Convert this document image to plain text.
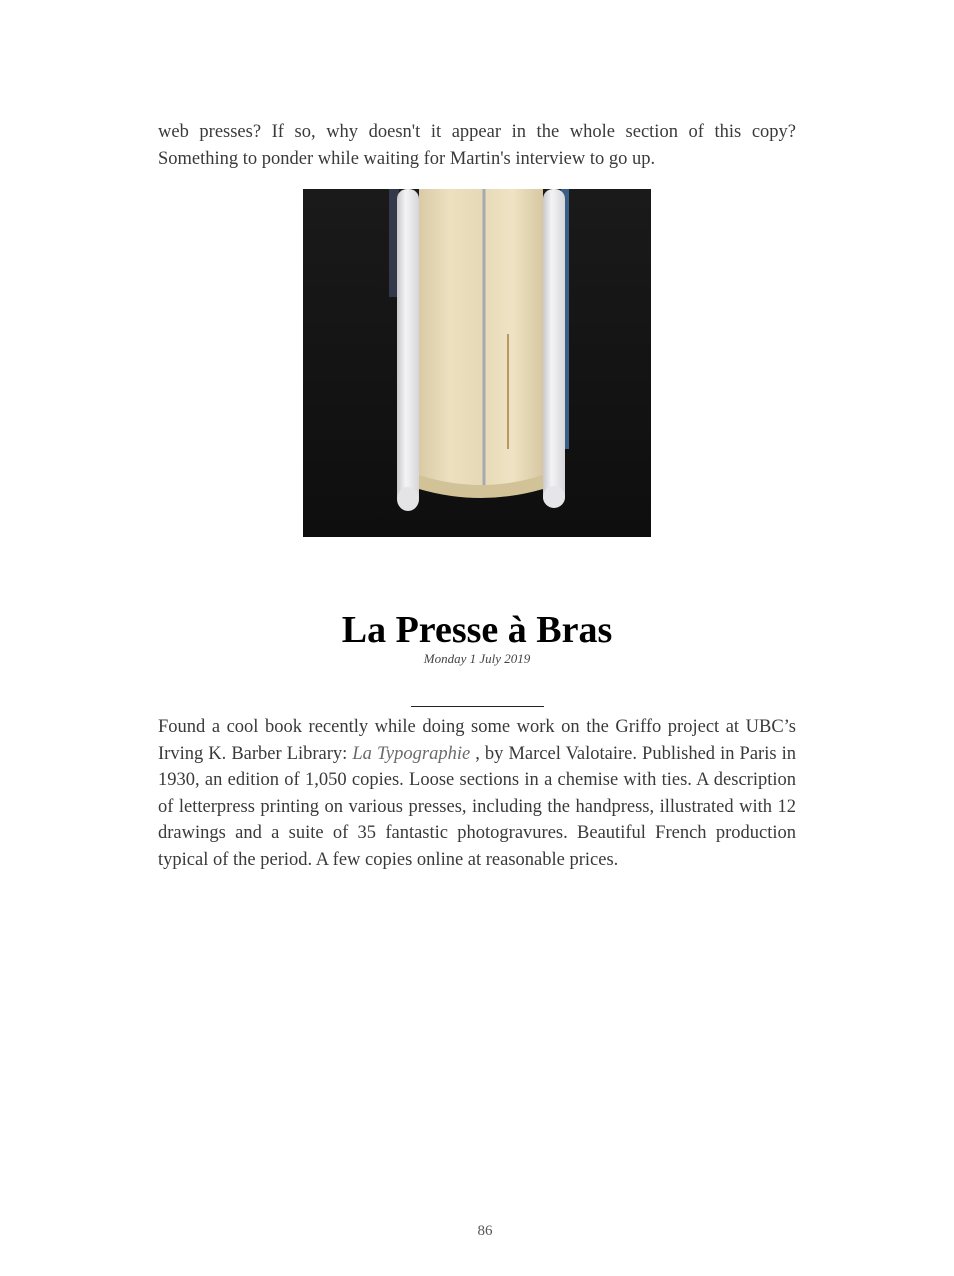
web presses? If so, why doesn't it appear in the whole section of this copy? Something to ponder while waiting for Martin's interview to go up.

La Presse à Bras
Monday 1 July 2019

Found a cool book recently while doing some work on the Griffo project at UBC’s Irving K. Barber Library: La Typographie , by Marcel Valotaire. Published in Paris in 1930, an edition of 1,050 copies. Loose sections in a chemise with ties. A description of letterpress printing on various presses, including the handpress, illustrated with 12 drawings and a suite of 35 fantastic photogravures. Beautiful French production typical of the period. A few copies online at reasonable prices.

86
